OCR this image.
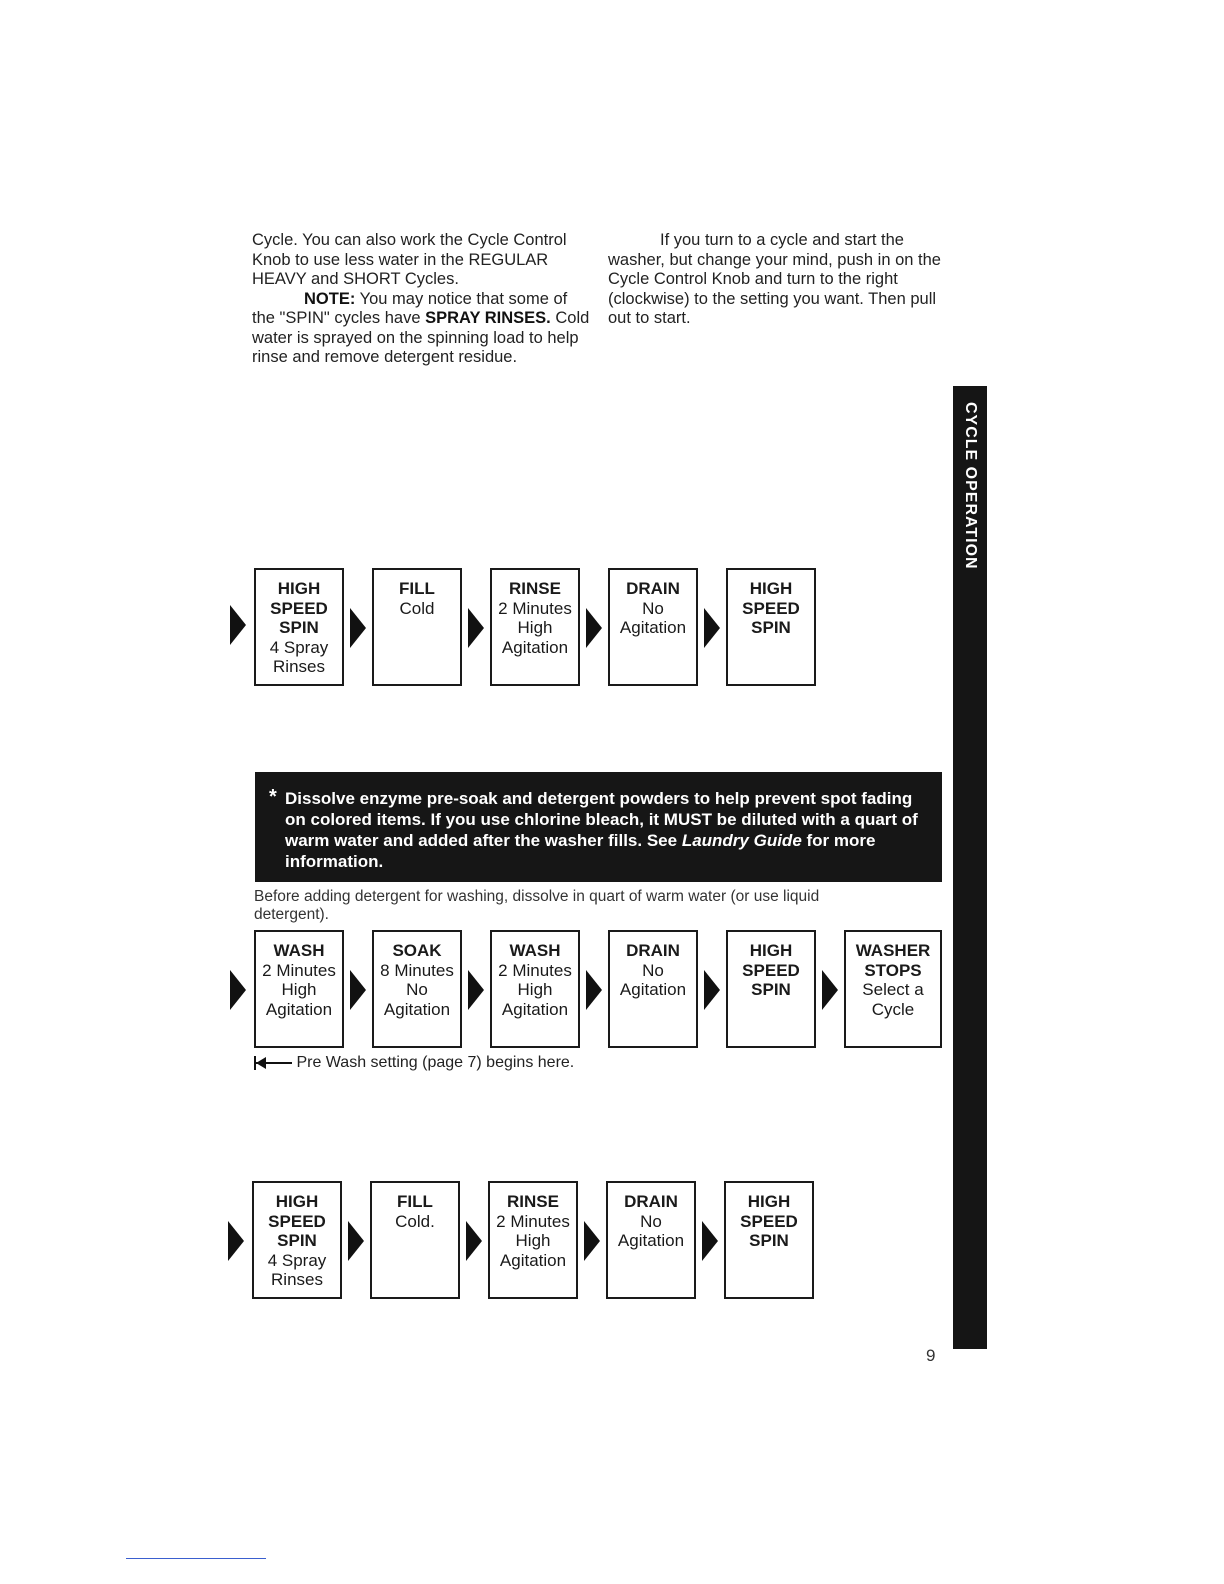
Cycle. You can also work the Cycle Control Knob to use less water in the REGULAR HEAVY and SHORT Cycles.

NOTE: You may notice that some of the "SPIN" cycles have SPRAY RINSES. Cold water is sprayed on the spinning load to help rinse and remove detergent residue.

If you turn to a cycle and start the washer, but change your mind, push in on the Cycle Control Knob and turn to the right (clockwise) to the setting you want. Then pull out to start.

CYCLE OPERATION
HIGH SPEED SPIN
4 Spray Rinses
FILL
Cold
RINSE
2 Minutes High Agitation
DRAIN
No Agitation
HIGH SPEED SPIN
* Dissolve enzyme pre-soak and detergent powders to help prevent spot fading on colored items. If you use chlorine bleach, it MUST be diluted with a quart of warm water and added after the washer fills. See Laundry Guide for more information.
Before adding detergent for washing, dissolve in quart of warm water (or use liquid detergent).
WASH
2 Minutes High Agitation
SOAK
8 Minutes No Agitation
WASH
2 Minutes High Agitation
DRAIN
No Agitation
HIGH SPEED SPIN
WASHER STOPS
Select a Cycle
Pre Wash setting (page 7) begins here.
HIGH SPEED SPIN
4 Spray Rinses
FILL
Cold.
RINSE
2 Minutes High Agitation
DRAIN
No Agitation
HIGH SPEED SPIN
9
